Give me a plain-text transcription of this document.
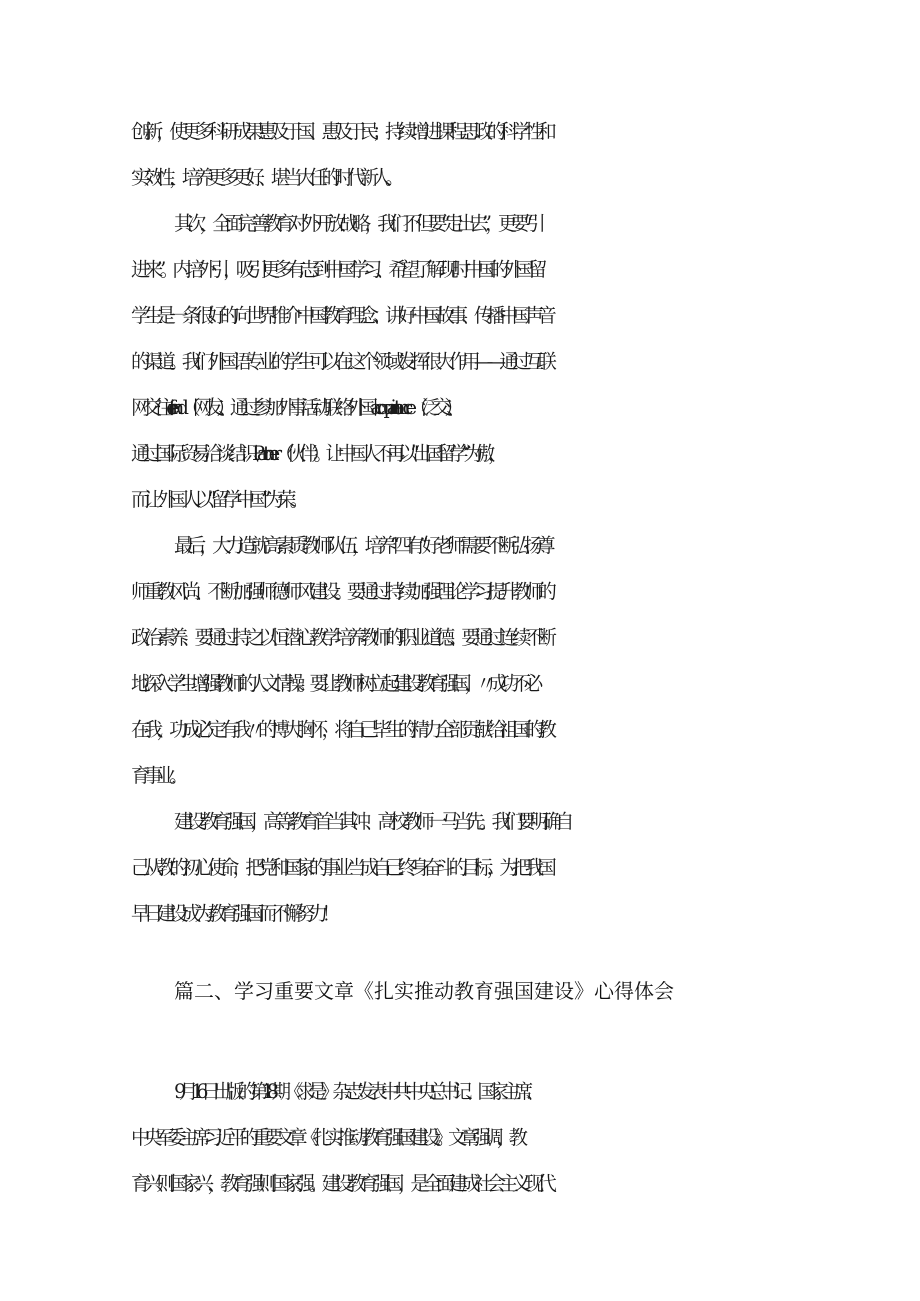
创新，使更多科研成果惠及于国、惠及于民；持续增进课程思政的科学性和
实效性，培养更多更好、堪当大任的时代新人。
其次，全面完善教育对外开放战略，我们不但要“走出去”，更要“引
进来”。内培外引，吸引更多有志到中国学习、希望了解现时中国的外国留
学生是一条很好的向世界推介中国教育理念、讲好中国故事、传播中国声音
的渠道。我们外国语专业的学生可以在这个领域发挥很大作用——通过互联
网交往e-friend（网友）、通过参加外事活动联络外国acquaintance（泛交）、
通过国际贸易洽谈结识Partner（伙伴）。让中国人不再以“出国留学”为傲，
而让外国人以“留学中国”为荣。
最后，大力造就高素质教师队伍，培养“四有”好老师需要不断弘扬尊
师重教风尚、不断加强师德师风建设。要通过持续加强理论学习提升教师的
政治素养、要通过持之以恒潜心教学培养教师的职业道德、要通过连续不断
地深入学生增强教师的人文情操。要让教师树立起建设教育强国，〃成功不必
在我，功成必定有我〃的博大胸怀，将自己毕生的精力全部贡献给祖国的教
育事业。
建设教育强国，高等教育首当其冲、高校教师一马当先。我们要明确自
己从教的初心使命，把党和国家的事业当成自己终身奋斗的目标，为把我国
早日建设成为教育强国而不懈努力！
篇二、学习重要文章《扎实推动教育强国建设》心得体会
9月16日出版的第18期《求是》杂志发表中共中央总书记、国家主席、
中央军委主席习近平的重要文章《扎实推动教育强国建设》。文章强调，教
育兴则国家兴，教育强则国家强。建设教育强国，是全面建成社会主义现代
